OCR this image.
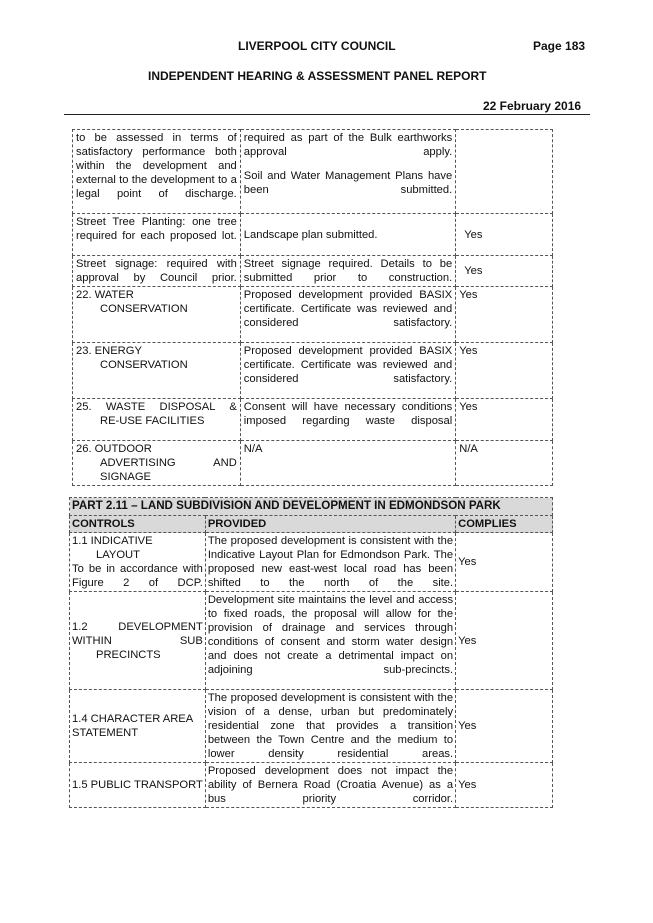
LIVERPOOL CITY COUNCIL	Page 183
INDEPENDENT HEARING & ASSESSMENT PANEL REPORT
22 February 2016
to be assessed in terms of satisfactory performance both within the development and external to the development to a legal point of discharge.	required as part of the Bulk earthworks approval apply.
Soil and Water Management Plans have been submitted.	

Street Tree Planting: one tree required for each proposed lot.	Landscape plan submitted.	Yes
Street signage: required with approval by Council prior.	Street signage required. Details to be submitted prior to construction.	Yes

22. WATER
CONSERVATION	Proposed development provided BASIX certificate. Certificate was reviewed and considered satisfactory.	Yes

23. ENERGY
CONSERVATION	Proposed development provided BASIX certificate. Certificate was reviewed and considered satisfactory.	Yes

25. WASTE DISPOSAL &
RE-USE FACILITIES	Consent will have necessary conditions imposed regarding waste disposal	Yes

26. OUTDOOR
ADVERTISING AND SIGNAGE	N/A	N/A
PART 2.11 – LAND SUBDIVISION AND DEVELOPMENT IN EDMONDSON PARK		
CONTROLS	PROVIDED	COMPLIES

1.1 INDICATIVE
LAYOUT
To be in accordance with Figure 2 of DCP.	The proposed development is consistent with the Indicative Layout Plan for Edmondson Park. The proposed new east-west local road has been shifted to the north of the site.	Yes

1.2 DEVELOPMENT WITHIN SUB
PRECINCTS	Development site maintains the level and access to fixed roads, the proposal will allow for the provision of drainage and services through conditions of consent and storm water design and does not create a detrimental impact on adjoining sub-precincts.	Yes
1.4 CHARACTER AREA STATEMENT	The proposed development is consistent with the vision of a dense, urban but predominately residential zone that provides a transition between the Town Centre and the medium to lower density residential areas.	Yes
1.5 PUBLIC TRANSPORT	Proposed development does not impact the ability of Bernera Road (Croatia Avenue) as a bus priority corridor.	Yes
